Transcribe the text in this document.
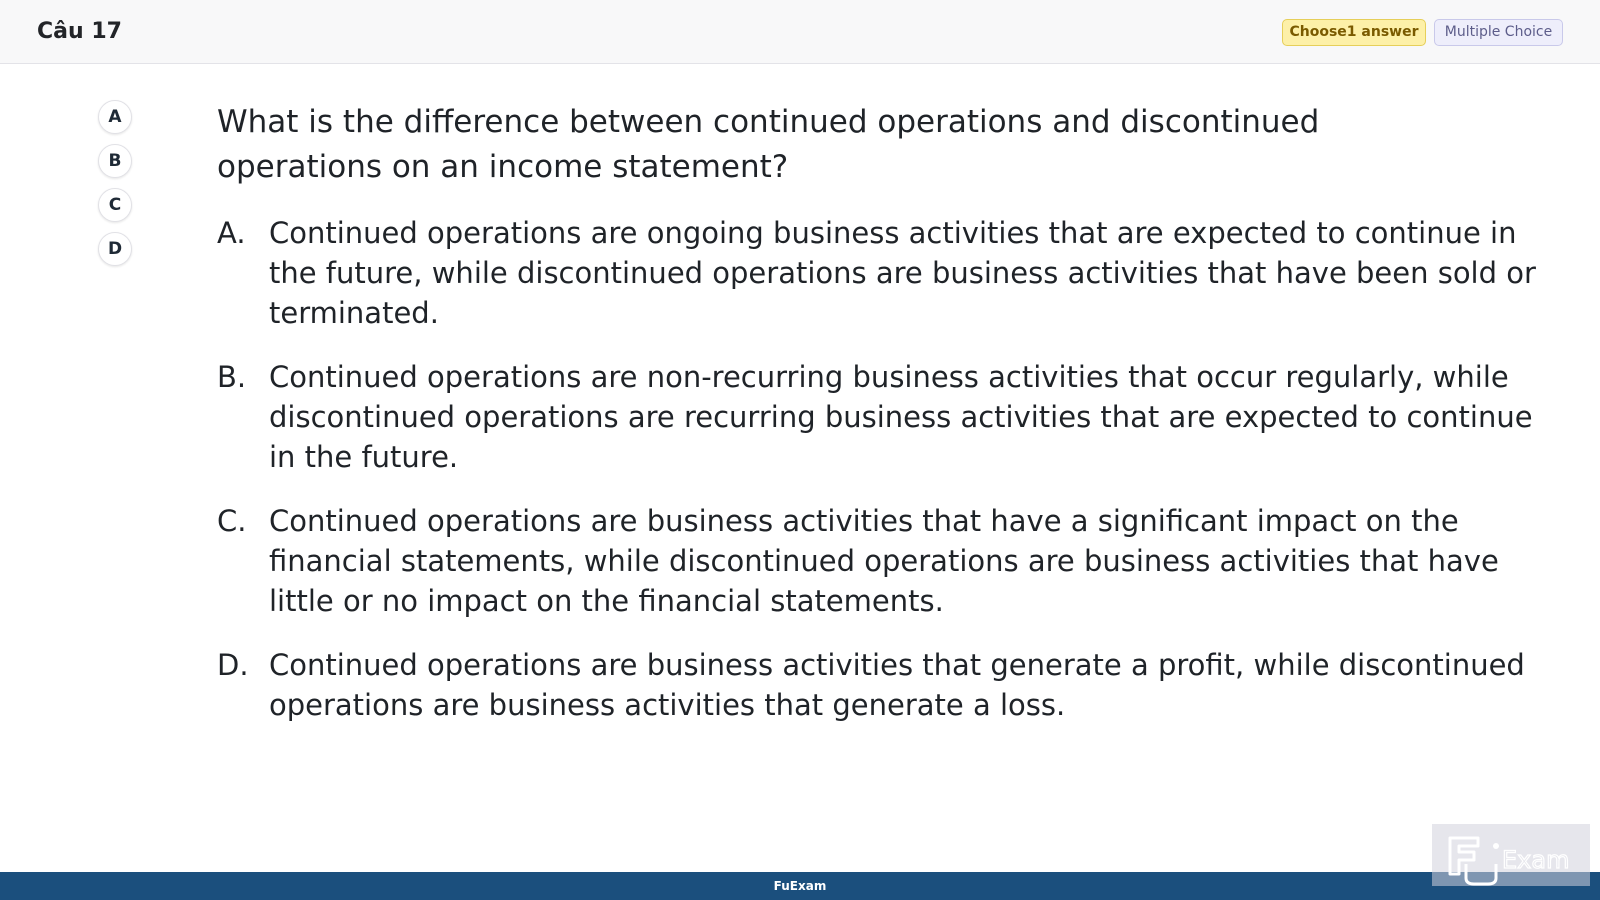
Câu 17	Choose1 answer	Multiple Choice
A
B
C
D
What is the difference between continued operations and discontinued operations on an income statement?
A. Continued operations are ongoing business activities that are expected to continue in the future, while discontinued operations are business activities that have been sold or terminated.
B. Continued operations are non-recurring business activities that occur regularly, while discontinued operations are recurring business activities that are expected to continue in the future.
C. Continued operations are business activities that have a significant impact on the financial statements, while discontinued operations are business activities that have little or no impact on the financial statements.
D. Continued operations are business activities that generate a profit, while discontinued operations are business activities that generate a loss.
FuExam
Exam
